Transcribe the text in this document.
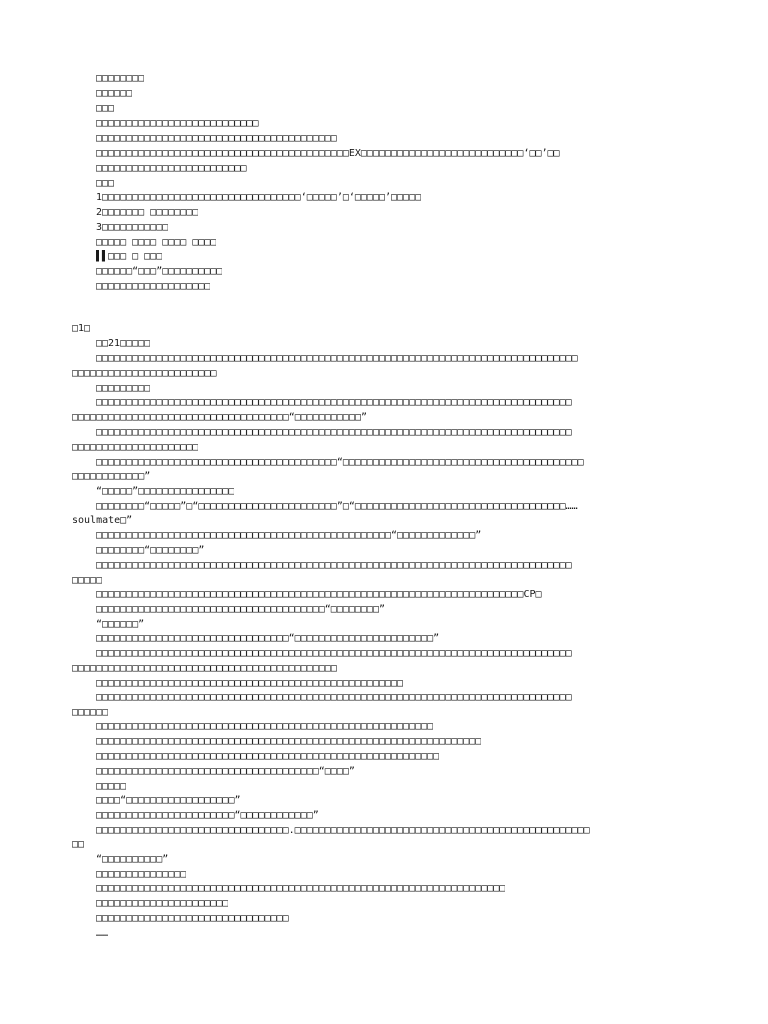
□□□□□□□□
□□□□□□
□□□
□□□□□□□□□□□□□□□□□□□□□□□□□□□
□□□□□□□□□□□□□□□□□□□□□□□□□□□□□□□□□□□□□□□□
□□□□□□□□□□□□□□□□□□□□□□□□□□□□□□□□□□□□□□□□□□EX□□□□□□□□□□□□□□□□□□□□□□□□□□□‘□□’□□
□□□□□□□□□□□□□□□□□□□□□□□□□
□□□
1□□□□□□□□□□□□□□□□□□□□□□□□□□□□□□□□□‘□□□□□’□‘□□□□□’□□□□□
2□□□□□□□ □□□□□□□□
3□□□□□□□□□□□
□□□□□ □□□□ □□□□ □□□□
▌▌□□□ □ □□□
□□□□□□“□□□”□□□□□□□□□□
□□□□□□□□□□□□□□□□□□□
□1□
□□21□□□□□
□□□□□□□□□□□□□□□□□□□□□□□□□□□□□□□□□□□□□□□□□□□□□□□□□□□□□□□□□□□□□□□□□□□□□□□□□□□□□□□□
□□□□□□□□□□□□□□□□□□□□□□□□
□□□□□□□□□
□□□□□□□□□□□□□□□□□□□□□□□□□□□□□□□□□□□□□□□□□□□□□□□□□□□□□□□□□□□□□□□□□□□□□□□□□□□□□□□
□□□□□□□□□□□□□□□□□□□□□□□□□□□□□□□□□□□□“□□□□□□□□□□□”
□□□□□□□□□□□□□□□□□□□□□□□□□□□□□□□□□□□□□□□□□□□□□□□□□□□□□□□□□□□□□□□□□□□□□□□□□□□□□□□
□□□□□□□□□□□□□□□□□□□□□
□□□□□□□□□□□□□□□□□□□□□□□□□□□□□□□□□□□□□□□□“□□□□□□□□□□□□□□□□□□□□□□□□□□□□□□□□□□□□□□□□
□□□□□□□□□□□□”
“□□□□□”□□□□□□□□□□□□□□□□
□□□□□□□□“□□□□□”□“□□□□□□□□□□□□□□□□□□□□□□□”□“□□□□□□□□□□□□□□□□□□□□□□□□□□□□□□□□□□□……
soulmate□”
□□□□□□□□□□□□□□□□□□□□□□□□□□□□□□□□□□□□□□□□□□□□□□□□□“□□□□□□□□□□□□□”
□□□□□□□□“□□□□□□□□”
□□□□□□□□□□□□□□□□□□□□□□□□□□□□□□□□□□□□□□□□□□□□□□□□□□□□□□□□□□□□□□□□□□□□□□□□□□□□□□□
□□□□□
□□□□□□□□□□□□□□□□□□□□□□□□□□□□□□□□□□□□□□□□□□□□□□□□□□□□□□□□□□□□□□□□□□□□□□□CP□
□□□□□□□□□□□□□□□□□□□□□□□□□□□□□□□□□□□□□□“□□□□□□□□”
“□□□□□□”
□□□□□□□□□□□□□□□□□□□□□□□□□□□□□□□□“□□□□□□□□□□□□□□□□□□□□□□□”
□□□□□□□□□□□□□□□□□□□□□□□□□□□□□□□□□□□□□□□□□□□□□□□□□□□□□□□□□□□□□□□□□□□□□□□□□□□□□□□
□□□□□□□□□□□□□□□□□□□□□□□□□□□□□□□□□□□□□□□□□□□□
□□□□□□□□□□□□□□□□□□□□□□□□□□□□□□□□□□□□□□□□□□□□□□□□□□□
□□□□□□□□□□□□□□□□□□□□□□□□□□□□□□□□□□□□□□□□□□□□□□□□□□□□□□□□□□□□□□□□□□□□□□□□□□□□□□□
□□□□□□
□□□□□□□□□□□□□□□□□□□□□□□□□□□□□□□□□□□□□□□□□□□□□□□□□□□□□□□□
□□□□□□□□□□□□□□□□□□□□□□□□□□□□□□□□□□□□□□□□□□□□□□□□□□□□□□□□□□□□□□□□
□□□□□□□□□□□□□□□□□□□□□□□□□□□□□□□□□□□□□□□□□□□□□□□□□□□□□□□□□
□□□□□□□□□□□□□□□□□□□□□□□□□□□□□□□□□□□□□“□□□□”
□□□□□
□□□□“□□□□□□□□□□□□□□□□□□”
□□□□□□□□□□□□□□□□□□□□□□□“□□□□□□□□□□□□”
□□□□□□□□□□□□□□□□□□□□□□□□□□□□□□□□.□□□□□□□□□□□□□□□□□□□□□□□□□□□□□□□□□□□□□□□□□□□□□□□□□
□□
“□□□□□□□□□□”
□□□□□□□□□□□□□□□
□□□□□□□□□□□□□□□□□□□□□□□□□□□□□□□□□□□□□□□□□□□□□□□□□□□□□□□□□□□□□□□□□□□□
□□□□□□□□□□□□□□□□□□□□□□
□□□□□□□□□□□□□□□□□□□□□□□□□□□□□□□□
……
